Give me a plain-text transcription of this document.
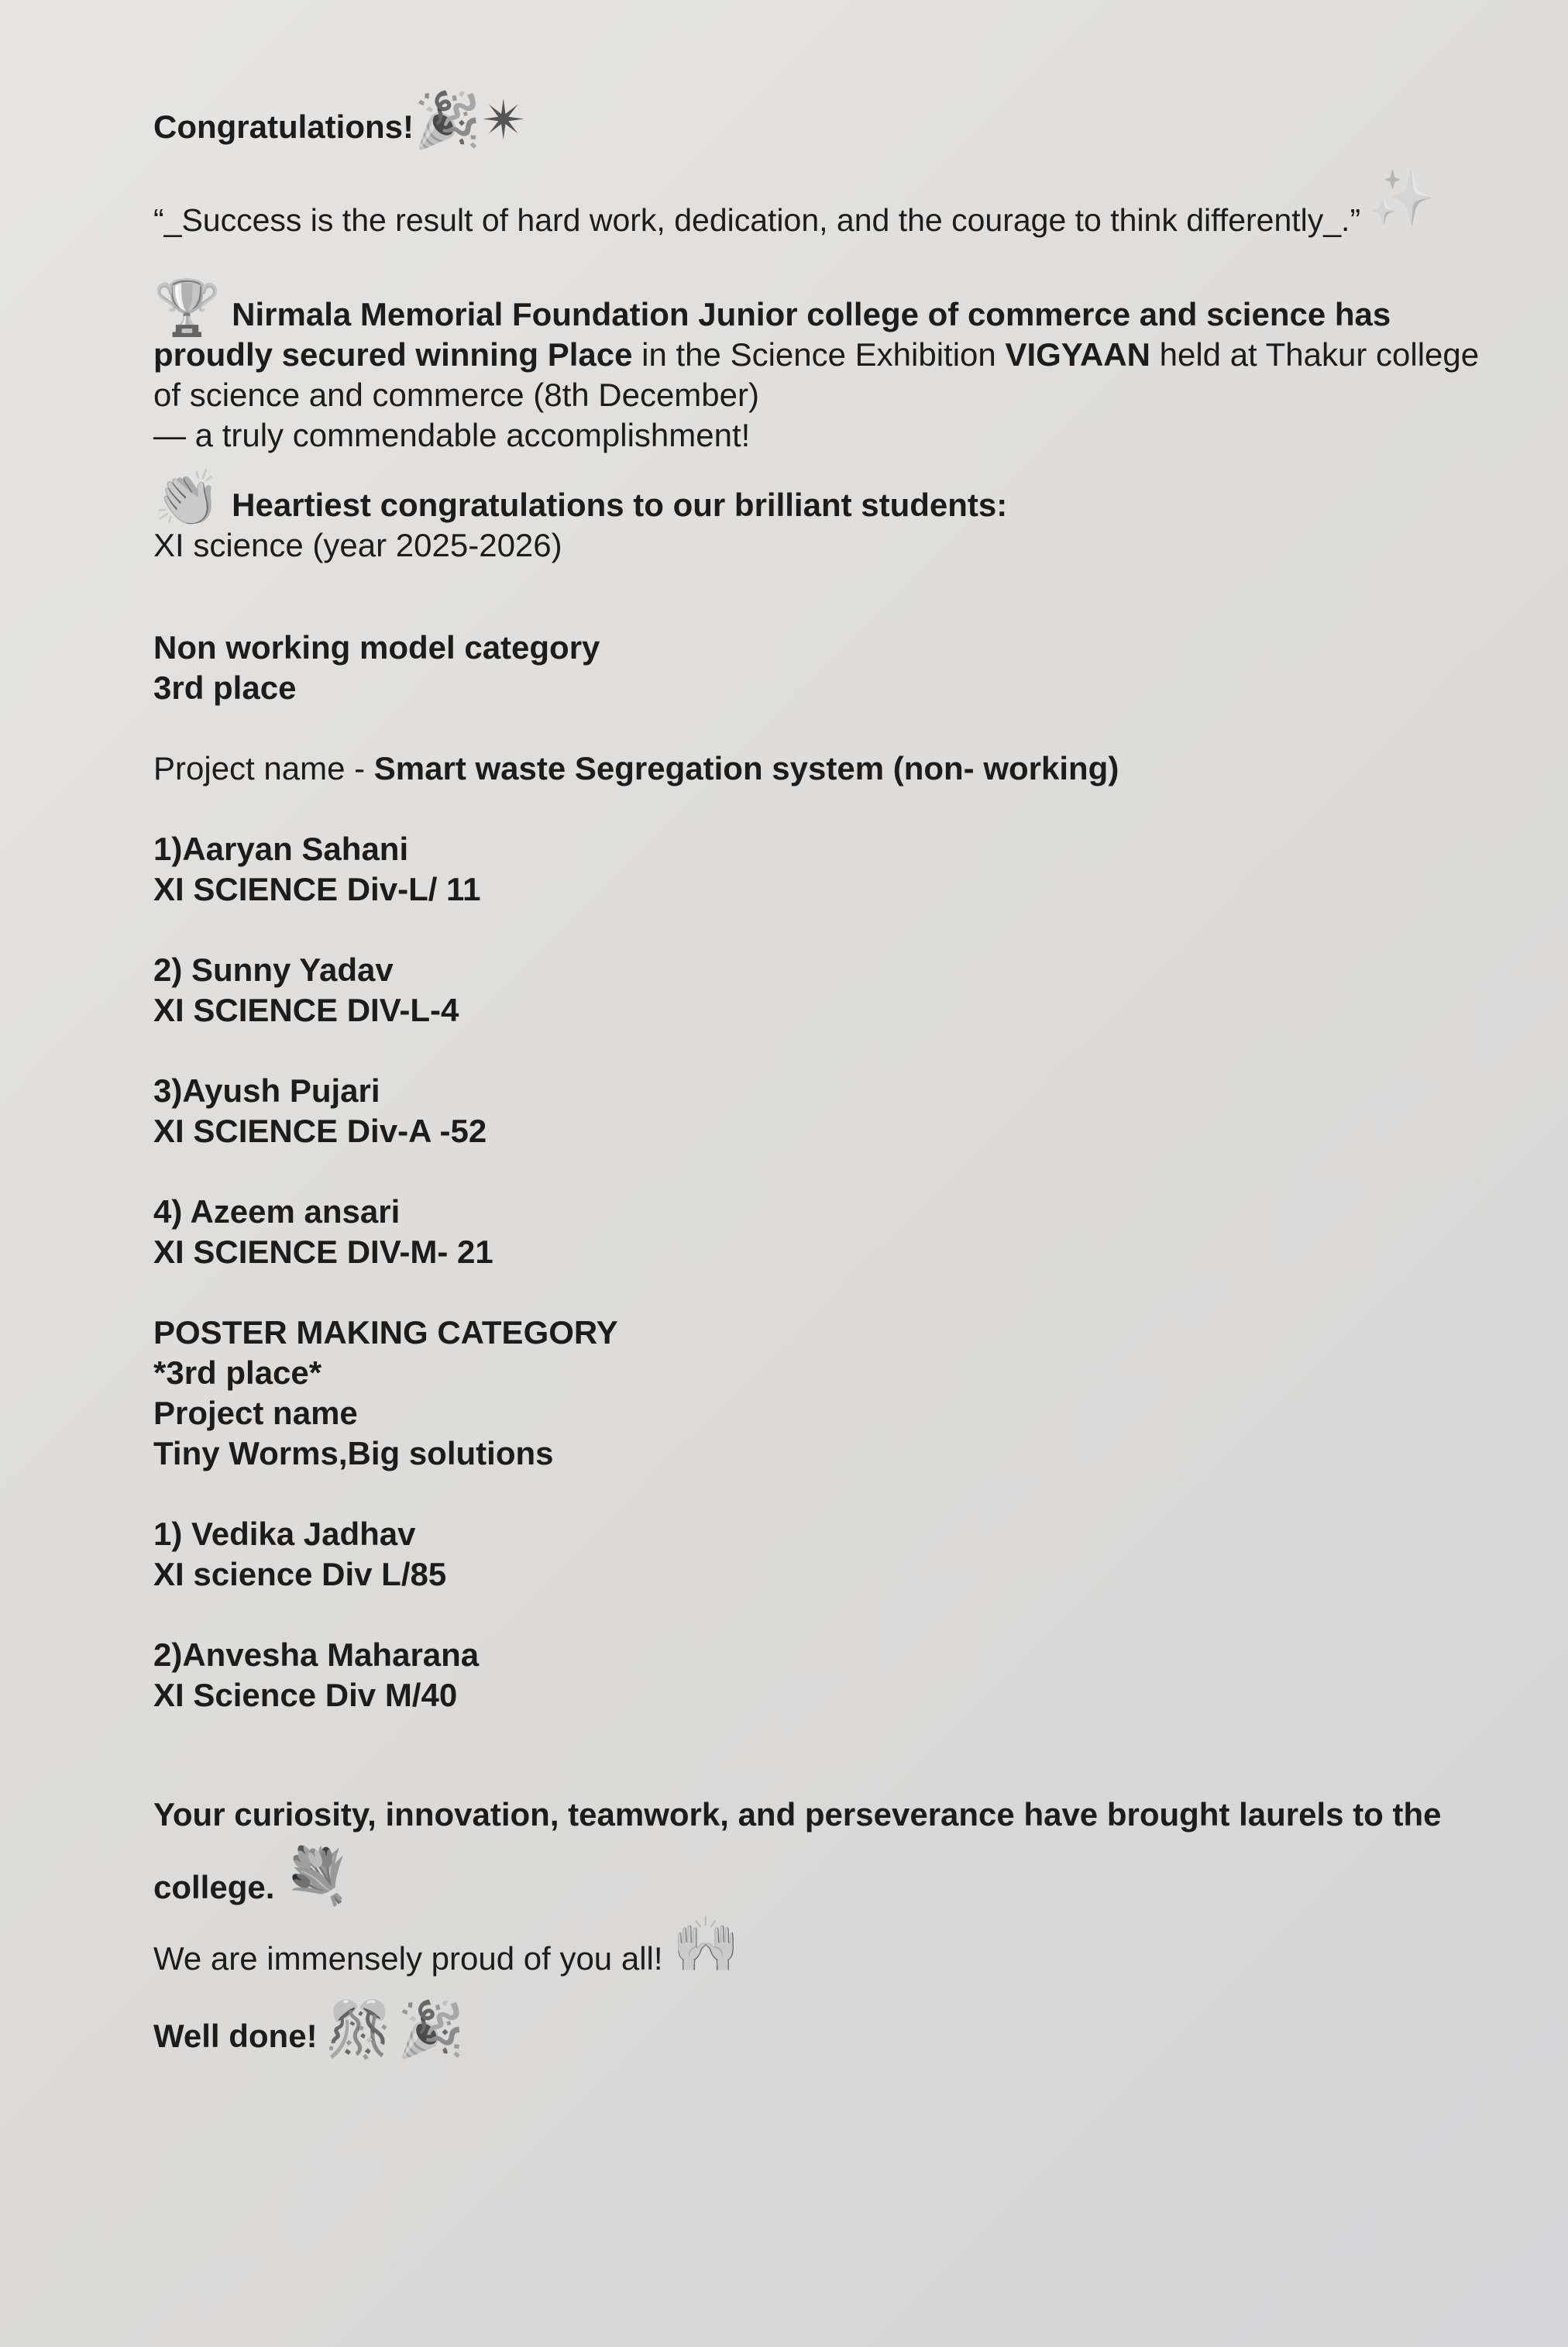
Congratulations! 🎉 ✴
“_Success is the result of hard work, dedication, and the courage to think differently_.” ✨
🏆 Nirmala Memorial Foundation Junior college of commerce and science has
proudly secured winning Place in the Science Exhibition VIGYAAN held at Thakur college
of science and commerce (8th December)
— a truly commendable accomplishment!
👏 Heartiest congratulations to our brilliant students:
XI science (year 2025-2026)
Non working model category
3rd place
Project name - Smart waste Segregation system (non- working)
1)Aaryan Sahani
XI SCIENCE Div-L/ 11
2) Sunny Yadav
XI SCIENCE DIV-L-4
3)Ayush Pujari
XI SCIENCE Div-A -52
4) Azeem ansari
XI SCIENCE DIV-M- 21
POSTER MAKING CATEGORY
*3rd place*
Project name
Tiny Worms,Big solutions
1) Vedika Jadhav
XI science Div L/85
2)Anvesha Maharana
XI Science Div M/40
Your curiosity, innovation, teamwork, and perseverance have brought laurels to the
college. 💐
We are immensely proud of you all! 🙌
Well done! 🎊 🎉
